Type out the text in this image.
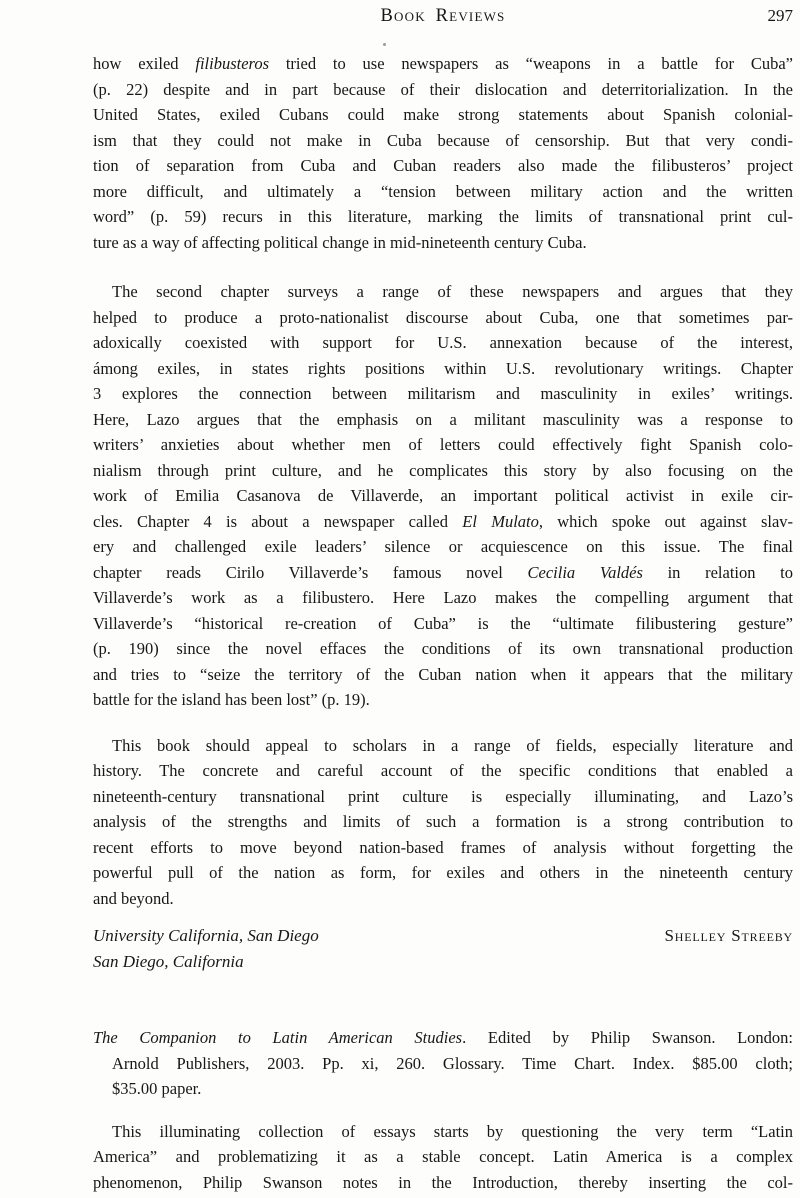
Book Reviews	297
how exiled filibusteros tried to use newspapers as “weapons in a battle for Cuba”
(p. 22) despite and in part because of their dislocation and deterritorialization. In the
United States, exiled Cubans could make strong statements about Spanish colonial-
ism that they could not make in Cuba because of censorship. But that very condi-
tion of separation from Cuba and Cuban readers also made the filibusteros’ project
more difficult, and ultimately a “tension between military action and the written
word” (p. 59) recurs in this literature, marking the limits of transnational print cul-
ture as a way of affecting political change in mid-nineteenth century Cuba.
The second chapter surveys a range of these newspapers and argues that they
helped to produce a proto-nationalist discourse about Cuba, one that sometimes par-
adoxically coexisted with support for U.S. annexation because of the interest,
ámong exiles, in states rights positions within U.S. revolutionary writings. Chapter
3 explores the connection between militarism and masculinity in exiles’ writings.
Here, Lazo argues that the emphasis on a militant masculinity was a response to
writers’ anxieties about whether men of letters could effectively fight Spanish colo-
nialism through print culture, and he complicates this story by also focusing on the
work of Emilia Casanova de Villaverde, an important political activist in exile cir-
cles. Chapter 4 is about a newspaper called El Mulato, which spoke out against slav-
ery and challenged exile leaders’ silence or acquiescence on this issue. The final
chapter reads Cirilo Villaverde’s famous novel Cecilia Valdés in relation to
Villaverde’s work as a filibustero. Here Lazo makes the compelling argument that
Villaverde’s “historical re-creation of Cuba” is the “ultimate filibustering gesture”
(p. 190) since the novel effaces the conditions of its own transnational production
and tries to “seize the territory of the Cuban nation when it appears that the military
battle for the island has been lost” (p. 19).
This book should appeal to scholars in a range of fields, especially literature and
history. The concrete and careful account of the specific conditions that enabled a
nineteenth-century transnational print culture is especially illuminating, and Lazo’s
analysis of the strengths and limits of such a formation is a strong contribution to
recent efforts to move beyond nation-based frames of analysis without forgetting the
powerful pull of the nation as form, for exiles and others in the nineteenth century
and beyond.
University California, San Diego
San Diego, California
Shelley Streeby
The Companion to Latin American Studies. Edited by Philip Swanson. London:
Arnold Publishers, 2003. Pp. xi, 260. Glossary. Time Chart. Index. $85.00 cloth;
$35.00 paper.
This illuminating collection of essays starts by questioning the very term “Latin
America” and problematizing it as a stable concept. Latin America is a complex
phenomenon, Philip Swanson notes in the Introduction, thereby inserting the col-
